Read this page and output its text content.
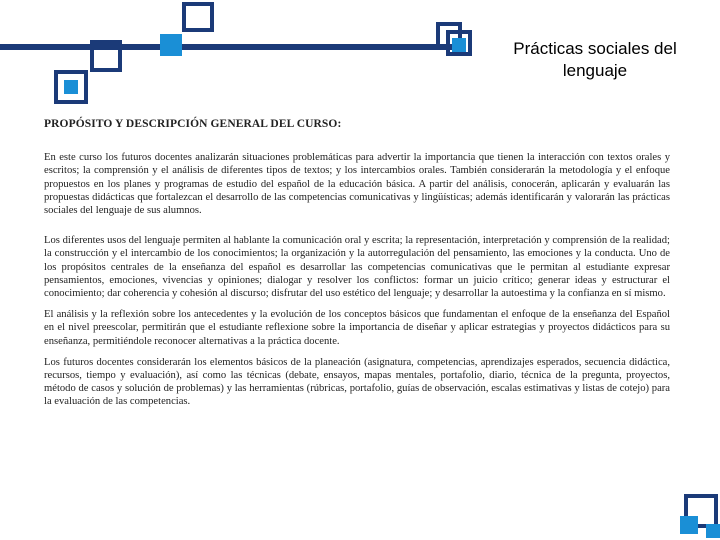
Prácticas sociales del lenguaje
PROPÓSITO Y DESCRIPCIÓN GENERAL DEL CURSO:

En este curso los futuros docentes analizarán situaciones problemáticas para advertir la importancia que tienen la interacción con textos orales y escritos; la comprensión y el análisis de diferentes tipos de textos; y los intercambios orales. También considerarán la metodología y el enfoque propuestos en los planes y programas de estudio del español de la educación básica. A partir del análisis, conocerán, aplicarán y evaluarán las propuestas didácticas que fortalezcan el desarrollo de las competencias comunicativas y lingüísticas; además identificarán y valorarán las prácticas sociales del lenguaje de sus alumnos.

Los diferentes usos del lenguaje permiten al hablante la comunicación oral y escrita; la representación, interpretación y comprensión de la realidad; la construcción y el intercambio de los conocimientos; la organización y la autorregulación del pensamiento, las emociones y la conducta. Uno de los propósitos centrales de la enseñanza del español es desarrollar las competencias comunicativas que le permitan al estudiante expresar pensamientos, emociones, vivencias y opiniones; dialogar y resolver los conflictos: formar un juicio crítico; generar ideas y estructurar el conocimiento; dar coherencia y cohesión al discurso; disfrutar del uso estético del lenguaje; y desarrollar la autoestima y la confianza en sí mismo.

El análisis y la reflexión sobre los antecedentes y la evolución de los conceptos básicos que fundamentan el enfoque de la enseñanza del Español en el nivel preescolar, permitirán que el estudiante reflexione sobre la importancia de diseñar y aplicar estrategias y proyectos didácticos para su enseñanza, permitiéndole reconocer alternativas a la práctica docente.

Los futuros docentes considerarán los elementos básicos de la planeación (asignatura, competencias, aprendizajes esperados, secuencia didáctica, recursos, tiempo y evaluación), así como las técnicas (debate, ensayos, mapas mentales, portafolio, diario, técnica de la pregunta, proyectos, método de casos y solución de problemas) y las herramientas (rúbricas, portafolio, guías de observación, escalas estimativas y listas de cotejo) para la evaluación de las competencias.
